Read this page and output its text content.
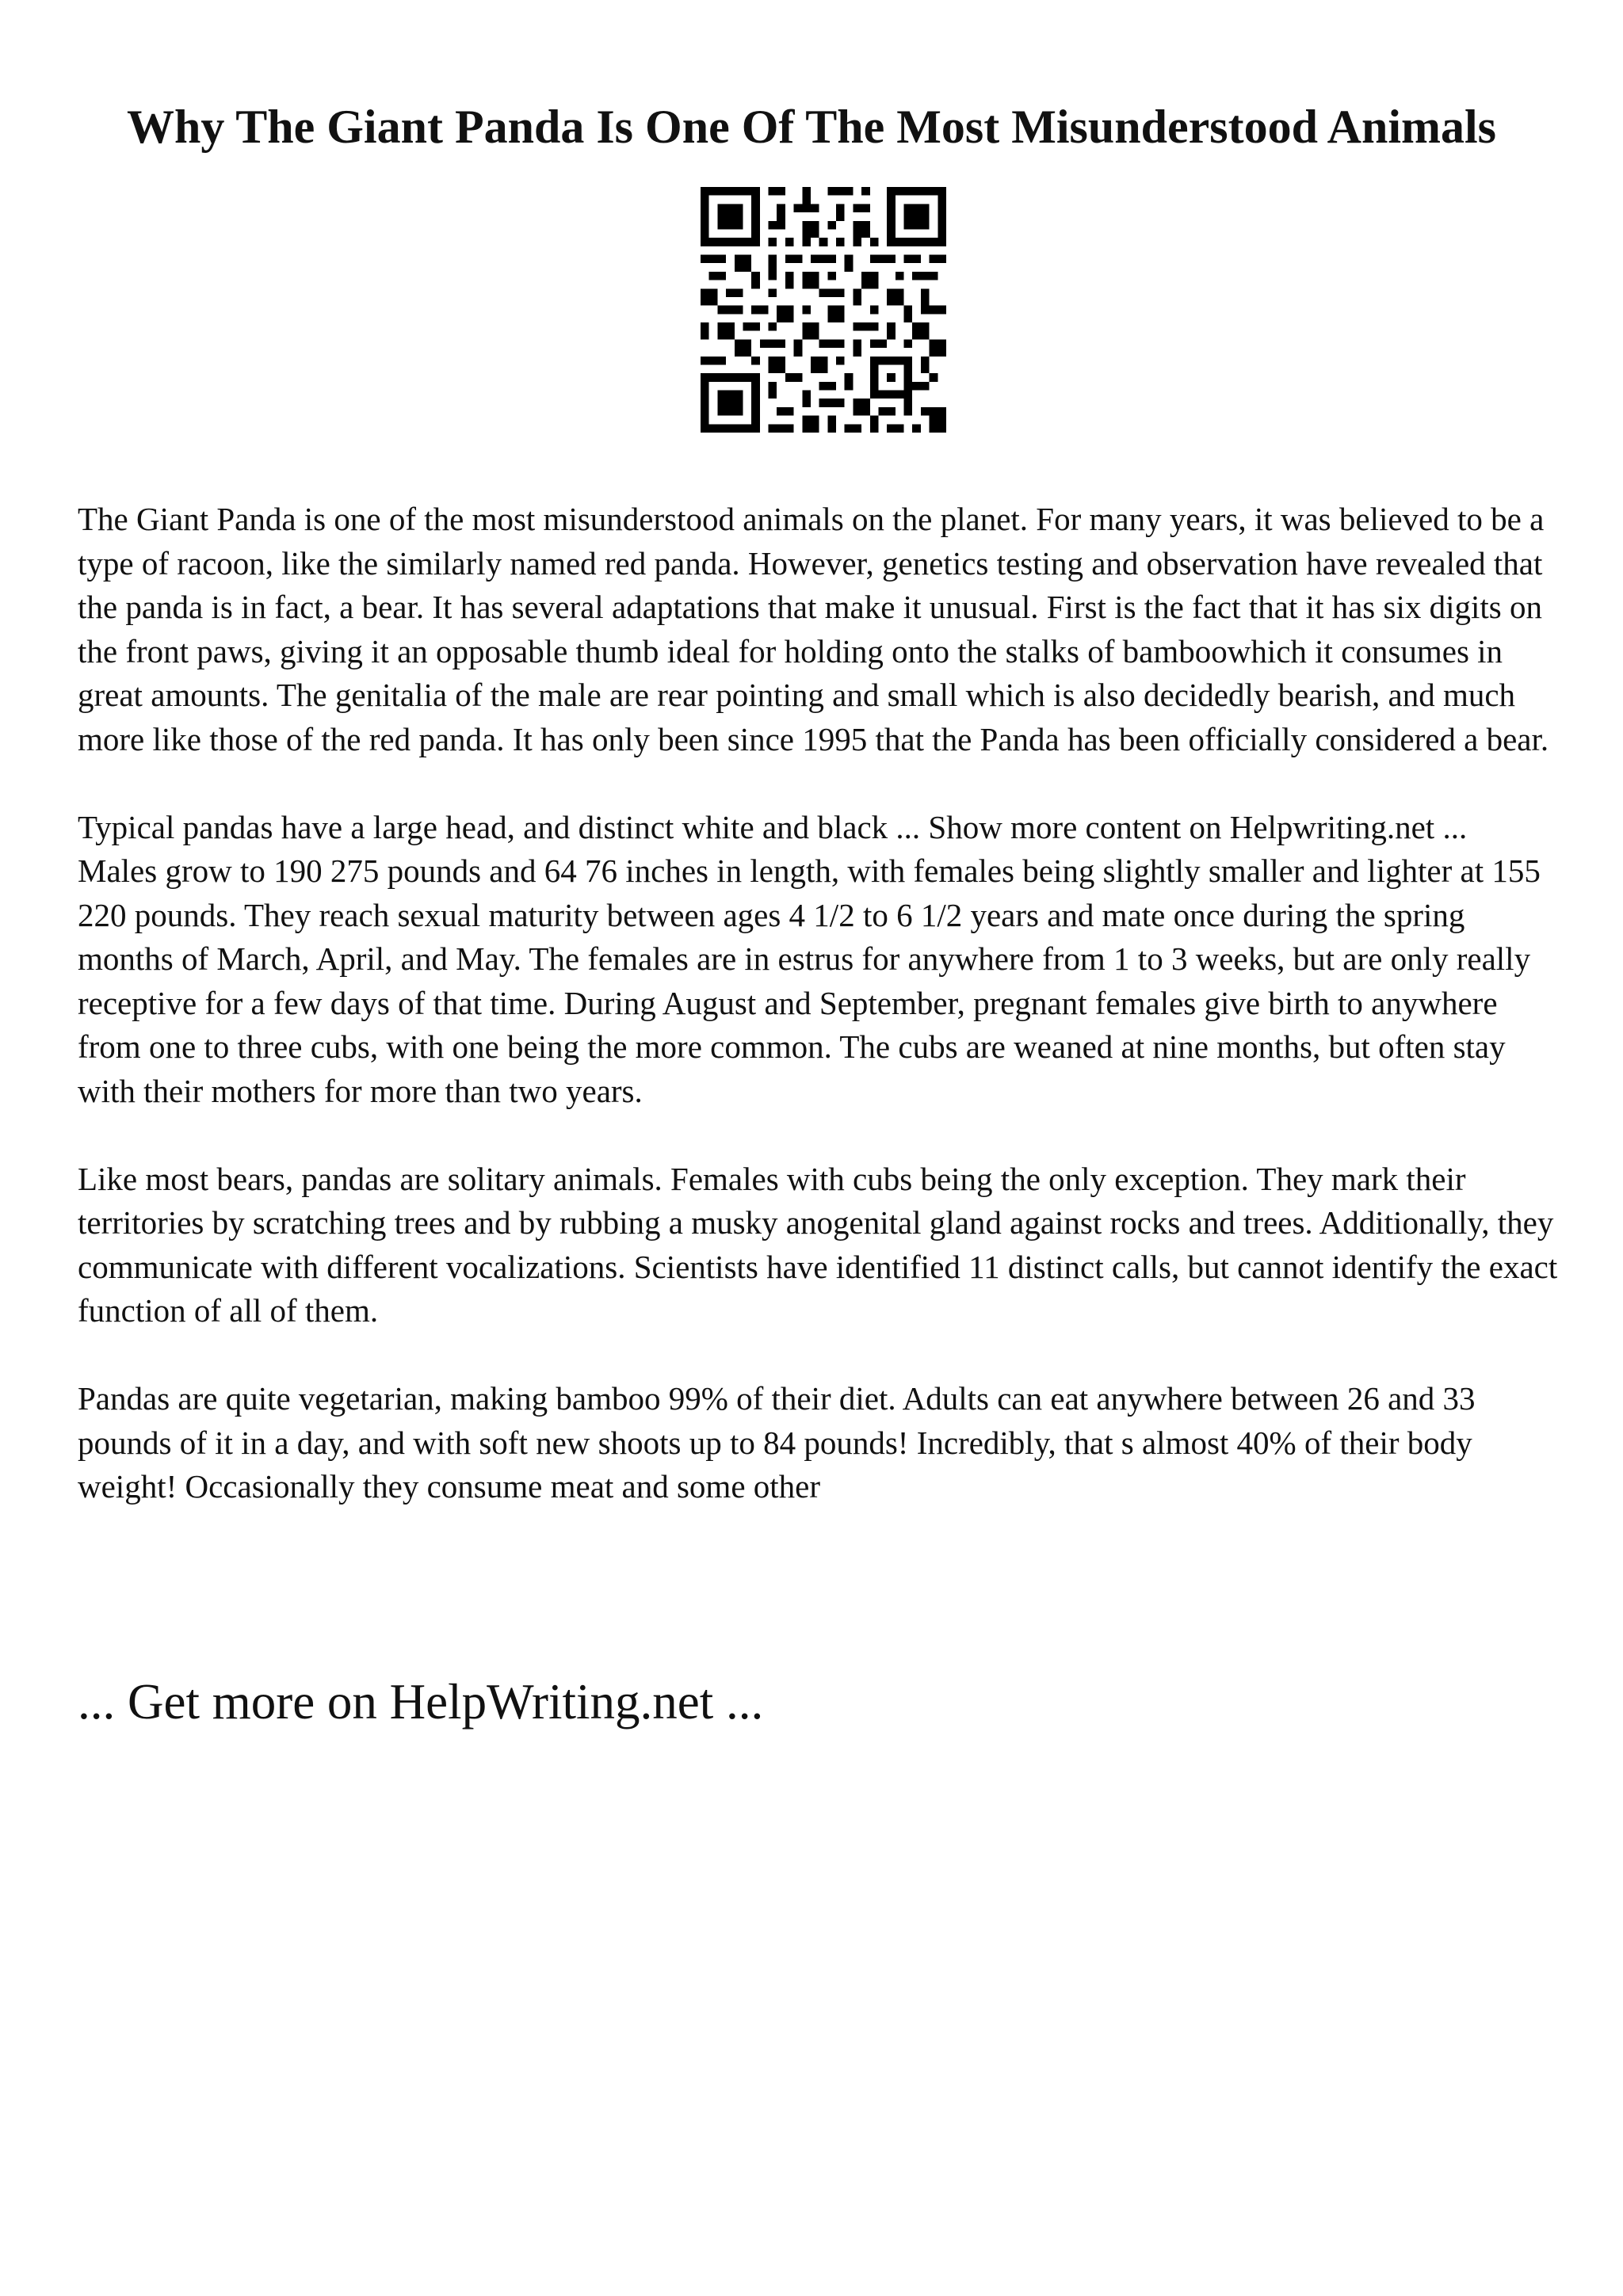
Why The Giant Panda Is One Of The Most Misunderstood Animals

The Giant Panda is one of the most misunderstood animals on the planet. For many years, it was believed to be a type of racoon, like the similarly named red panda. However, genetics testing and observation have revealed that the panda is in fact, a bear. It has several adaptations that make it unusual. First is the fact that it has six digits on the front paws, giving it an opposable thumb ideal for holding onto the stalks of bamboowhich it consumes in great amounts. The genitalia of the male are rear pointing and small which is also decidedly bearish, and much more like those of the red panda. It has only been since 1995 that the Panda has been officially considered a bear.

Typical pandas have a large head, and distinct white and black ... Show more content on Helpwriting.net ...

Males grow to 190 275 pounds and 64 76 inches in length, with females being slightly smaller and lighter at 155 220 pounds. They reach sexual maturity between ages 4 1/2 to 6 1/2 years and mate once during the spring months of March, April, and May. The females are in estrus for anywhere from 1 to 3 weeks, but are only really receptive for a few days of that time. During August and September, pregnant females give birth to anywhere from one to three cubs, with one being the more common. The cubs are weaned at nine months, but often stay with their mothers for more than two years.

Like most bears, pandas are solitary animals. Females with cubs being the only exception. They mark their territories by scratching trees and by rubbing a musky anogenital gland against rocks and trees. Additionally, they communicate with different vocalizations. Scientists have identified 11 distinct calls, but cannot identify the exact function of all of them.

Pandas are quite vegetarian, making bamboo 99% of their diet. Adults can eat anywhere between 26 and 33 pounds of it in a day, and with soft new shoots up to 84 pounds! Incredibly, that s almost 40% of their body weight! Occasionally they consume meat and some other

... Get more on HelpWriting.net ...
